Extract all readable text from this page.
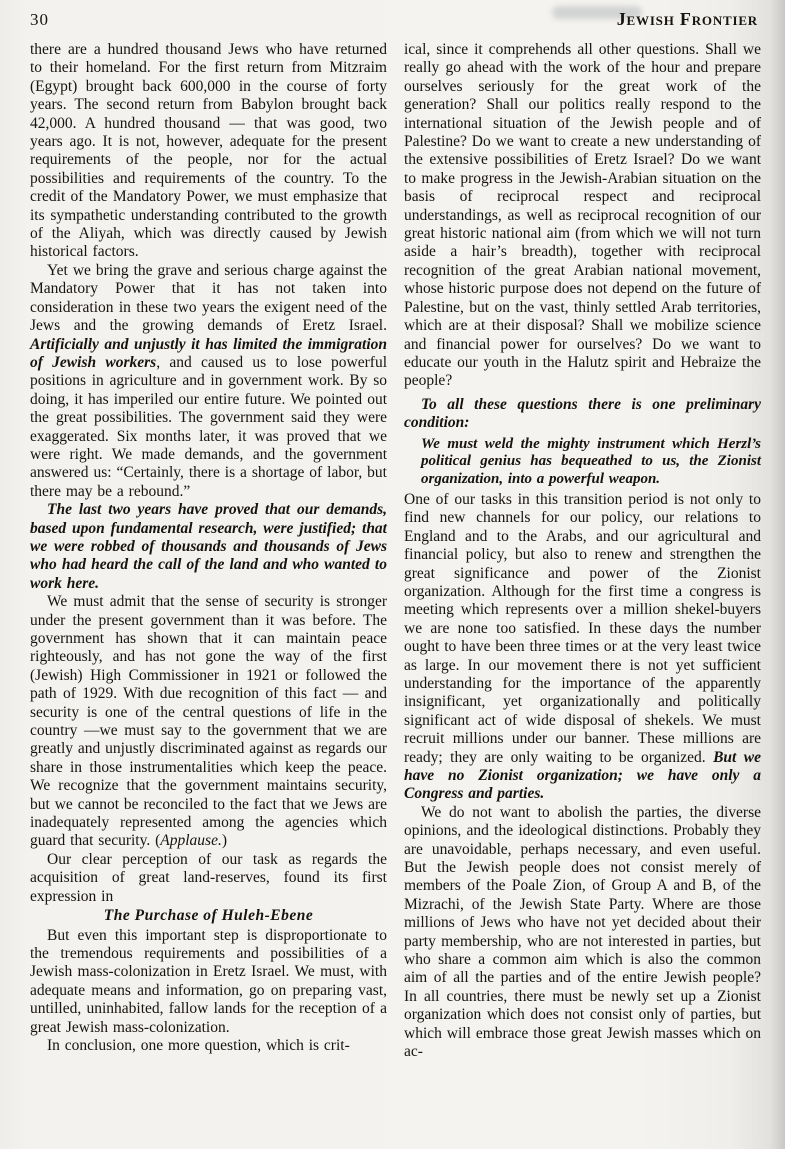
30	Jewish Frontier

there are a hundred thousand Jews who have returned to their homeland. For the first return from Mitzraim (Egypt) brought back 600,000 in the course of forty years. The second return from Babylon brought back 42,000. A hundred thousand — that was good, two years ago. It is not, however, adequate for the present requirements of the people, nor for the actual possibilities and requirements of the country. To the credit of the Mandatory Power, we must emphasize that its sympathetic understanding contributed to the growth of the Aliyah, which was directly caused by Jewish historical factors.

Yet we bring the grave and serious charge against the Mandatory Power that it has not taken into consideration in these two years the exigent need of the Jews and the growing demands of Eretz Israel. Artificially and unjustly it has limited the immigration of Jewish workers, and caused us to lose powerful positions in agriculture and in government work. By so doing, it has imperiled our entire future. We pointed out the great possibilities. The government said they were exaggerated. Six months later, it was proved that we were right. We made demands, and the government answered us: “Certainly, there is a shortage of labor, but there may be a rebound.”

The last two years have proved that our demands, based upon fundamental research, were justified; that we were robbed of thousands and thousands of Jews who had heard the call of the land and who wanted to work here.

We must admit that the sense of security is stronger under the present government than it was before. The government has shown that it can maintain peace righteously, and has not gone the way of the first (Jewish) High Commissioner in 1921 or followed the path of 1929. With due recognition of this fact — and security is one of the central questions of life in the country —we must say to the government that we are greatly and unjustly discriminated against as regards our share in those instrumentalities which keep the peace. We recognize that the government maintains security, but we cannot be reconciled to the fact that we Jews are inadequately represented among the agencies which guard that security. (Applause.)

Our clear perception of our task as regards the acquisition of great land-reserves, found its first expression in

The Purchase of Huleh-Ebene

But even this important step is disproportionate to the tremendous requirements and possibilities of a Jewish mass-colonization in Eretz Israel. We must, with adequate means and information, go on preparing vast, untilled, uninhabited, fallow lands for the reception of a great Jewish mass-colonization.

In conclusion, one more question, which is crit-

ical, since it comprehends all other questions. Shall we really go ahead with the work of the hour and prepare ourselves seriously for the great work of the generation? Shall our politics really respond to the international situation of the Jewish people and of Palestine? Do we want to create a new understanding of the extensive possibilities of Eretz Israel? Do we want to make progress in the Jewish-Arabian situation on the basis of reciprocal respect and reciprocal understandings, as well as reciprocal recognition of our great historic national aim (from which we will not turn aside a hair’s breadth), together with reciprocal recognition of the great Arabian national movement, whose historic purpose does not depend on the future of Palestine, but on the vast, thinly settled Arab territories, which are at their disposal? Shall we mobilize science and financial power for ourselves? Do we want to educate our youth in the Halutz spirit and Hebraize the people?

To all these questions there is one preliminary condition:

We must weld the mighty instrument which Herzl’s political genius has bequeathed to us, the Zionist organization, into a powerful weapon.

One of our tasks in this transition period is not only to find new channels for our policy, our relations to England and to the Arabs, and our agricultural and financial policy, but also to renew and strengthen the great significance and power of the Zionist organization. Although for the first time a congress is meeting which represents over a million shekel-buyers we are none too satisfied. In these days the number ought to have been three times or at the very least twice as large. In our movement there is not yet sufficient understanding for the importance of the apparently insignificant, yet organizationally and politically significant act of wide disposal of shekels. We must recruit millions under our banner. These millions are ready; they are only waiting to be organized. But we have no Zionist organization; we have only a Congress and parties.

We do not want to abolish the parties, the diverse opinions, and the ideological distinctions. Probably they are unavoidable, perhaps necessary, and even useful. But the Jewish people does not consist merely of members of the Poale Zion, of Group A and B, of the Mizrachi, of the Jewish State Party. Where are those millions of Jews who have not yet decided about their party membership, who are not interested in parties, but who share a common aim which is also the common aim of all the parties and of the entire Jewish people? In all countries, there must be newly set up a Zionist organization which does not consist only of parties, but which will embrace those great Jewish masses which on ac-
